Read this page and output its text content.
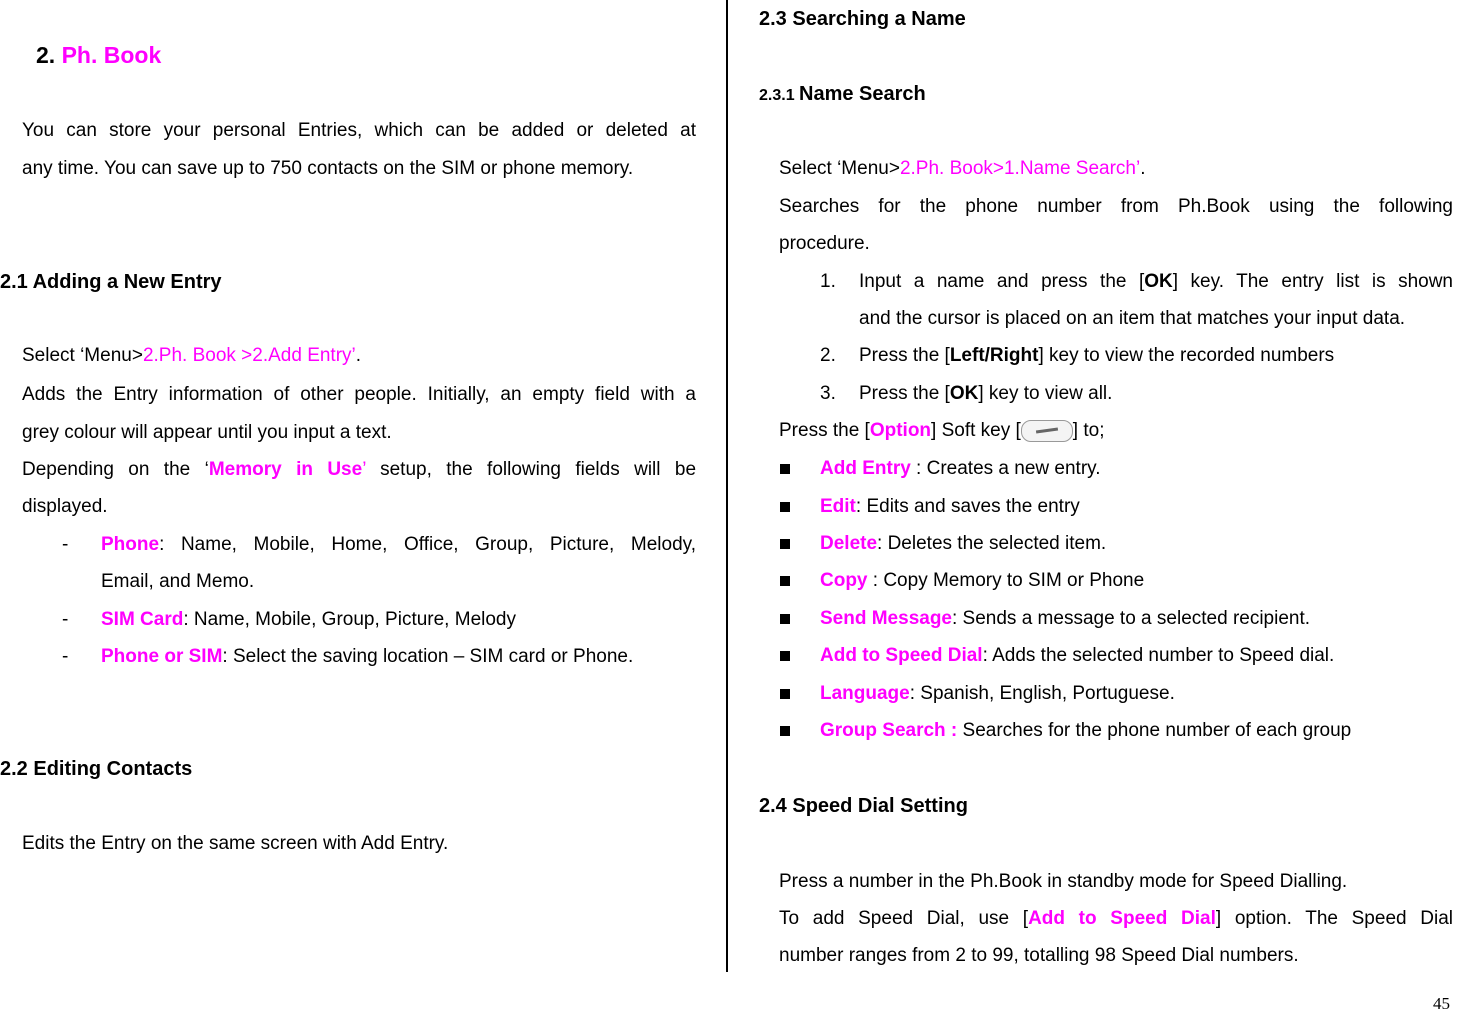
2. Ph. Book
You can store your personal Entries, which can be added or deleted at
any time. You can save up to 750 contacts on the SIM or phone memory.
2.1 Adding a New Entry
Select ‘Menu>2.Ph. Book >2.Add Entry’.
Adds the Entry information of other people. Initially, an empty field with a
grey colour will appear until you input a text.
Depending on the ‘Memory in Use’ setup, the following fields will be
displayed.
- Phone: Name, Mobile, Home, Office, Group, Picture, Melody,
Email, and Memo.
- SIM Card: Name, Mobile, Group, Picture, Melody
- Phone or SIM: Select the saving location – SIM card or Phone.
2.2 Editing Contacts
Edits the Entry on the same screen with Add Entry.
2.3 Searching a Name
2.3.1 Name Search
Select ‘Menu>2.Ph. Book>1.Name Search’.
Searches for the phone number from Ph.Book using the following
procedure.
1. Input a name and press the [OK] key. The entry list is shown
and the cursor is placed on an item that matches your input data.
2. Press the [Left/Right] key to view the recorded numbers
3. Press the [OK] key to view all.
Press the [Option] Soft key [	] to;
Add Entry : Creates a new entry.
Edit: Edits and saves the entry
Delete: Deletes the selected item.
Copy : Copy Memory to SIM or Phone
Send Message: Sends a message to a selected recipient.
Add to Speed Dial: Adds the selected number to Speed dial.
Language: Spanish, English, Portuguese.
Group Search : Searches for the phone number of each group
2.4 Speed Dial Setting
Press a number in the Ph.Book in standby mode for Speed Dialling.
To add Speed Dial, use [Add to Speed Dial] option. The Speed Dial
number ranges from 2 to 99, totalling 98 Speed Dial numbers.
45
